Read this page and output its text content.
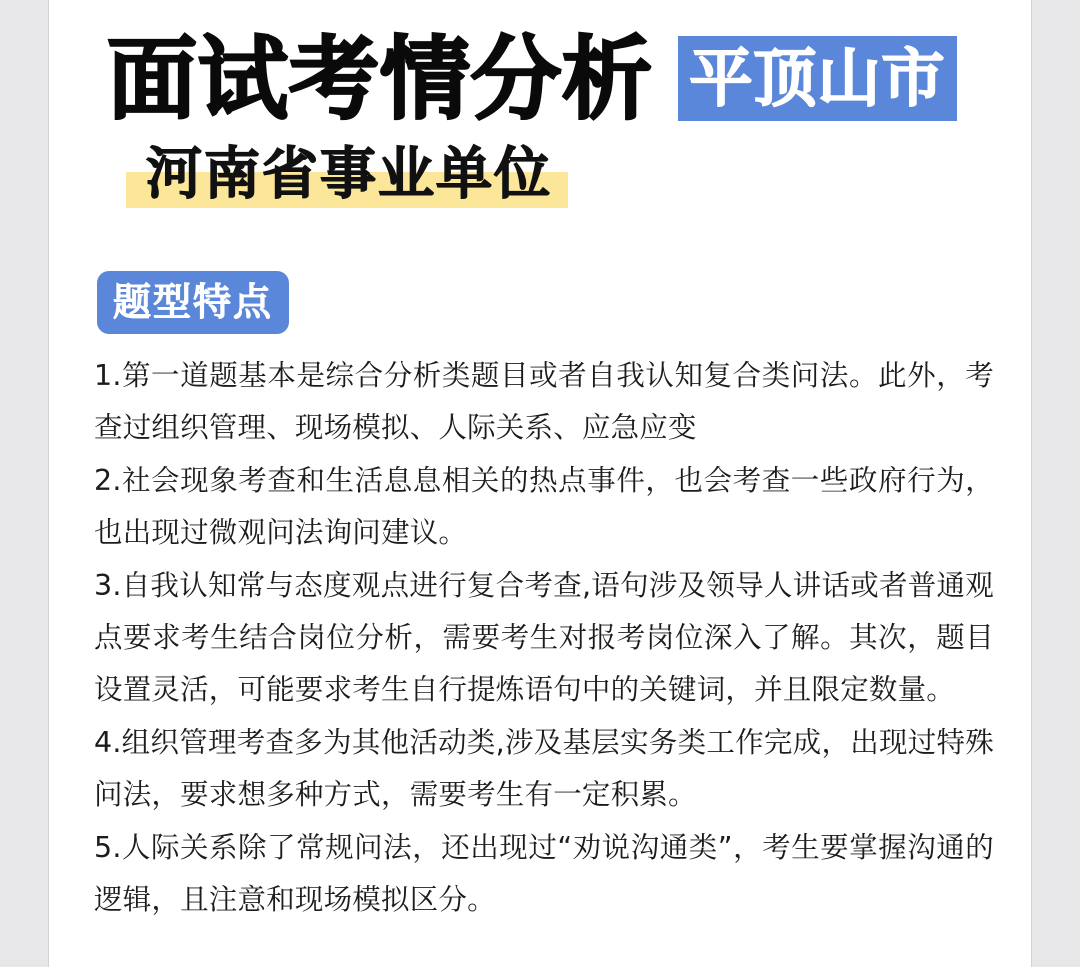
面试考情分析 平顶山市
河南省事业单位
题型特点

1.第一道题基本是综合分析类题目或者自我认知复合类问法。此外，考查过组织管理、现场模拟、人际关系、应急应变

2.社会现象考查和生活息息相关的热点事件，也会考查一些政府行为，也出现过微观问法询问建议。

3.自我认知常与态度观点进行复合考查,语句涉及领导人讲话或者普通观点要求考生结合岗位分析，需要考生对报考岗位深入了解。其次，题目设置灵活，可能要求考生自行提炼语句中的关键词，并且限定数量。

4.组织管理考查多为其他活动类,涉及基层实务类工作完成，出现过特殊问法，要求想多种方式，需要考生有一定积累。

5.人际关系除了常规问法，还出现过“劝说沟通类”，考生要掌握沟通的逻辑，且注意和现场模拟区分。
